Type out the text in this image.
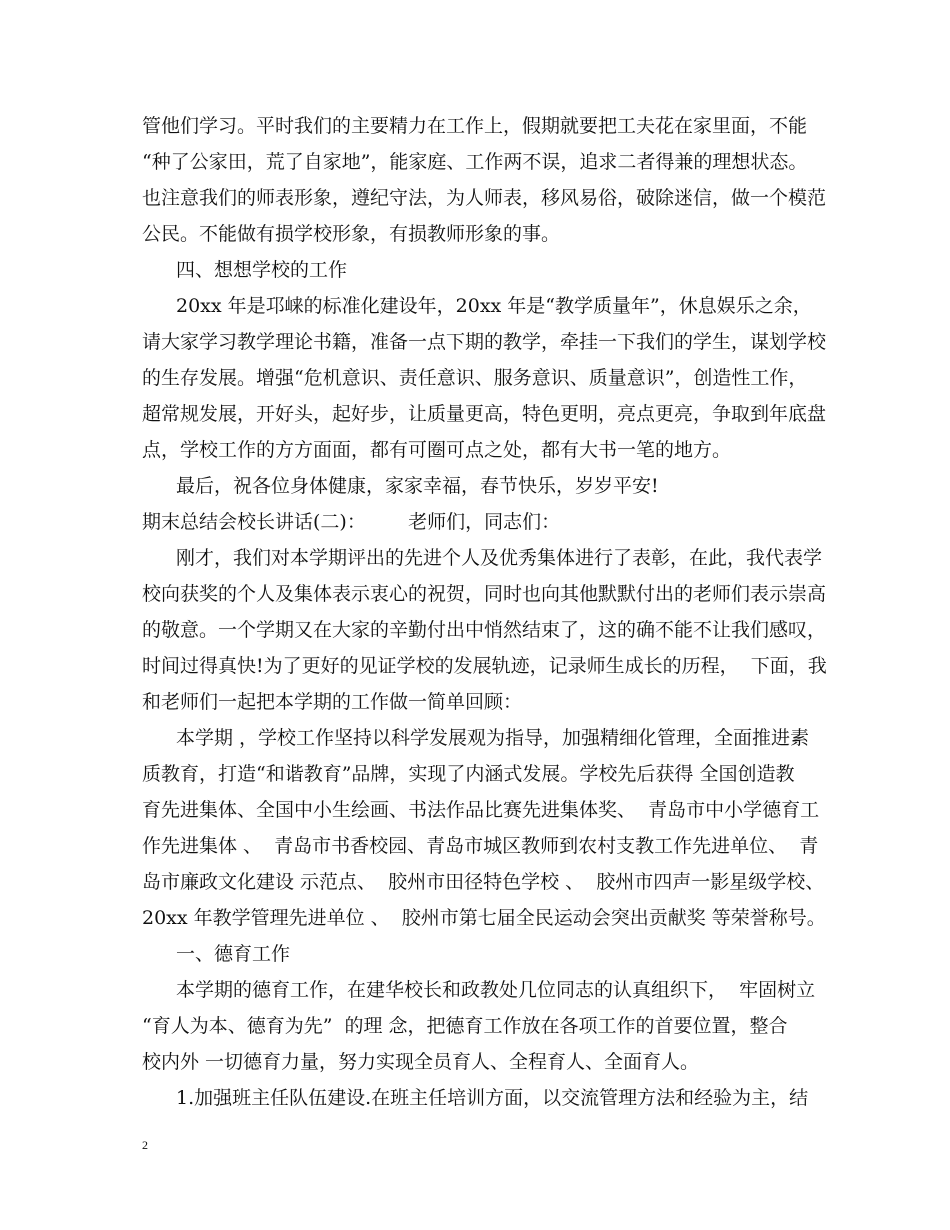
管他们学习。平时我们的主要精力在工作上，假期就要把工夫花在家里面，不能
“种了公家田，荒了自家地”，能家庭、工作两不误，追求二者得兼的理想状态。
也注意我们的师表形象，遵纪守法，为人师表，移风易俗，破除迷信，做一个模范
公民。不能做有损学校形象，有损教师形象的事。
四、想想学校的工作
20xx 年是邛崃的标准化建设年，20xx 年是“教学质量年”，休息娱乐之余，
请大家学习教学理论书籍，准备一点下期的教学，牵挂一下我们的学生，谋划学校
的生存发展。增强“危机意识、责任意识、服务意识、质量意识”，创造性工作，
超常规发展，开好头，起好步，让质量更高，特色更明，亮点更亮，争取到年底盘
点，学校工作的方方面面，都有可圈可点之处，都有大书一笔的地方。
最后，祝各位身体健康，家家幸福，春节快乐，岁岁平安!
期末总结会校长讲话(二)：       老师们，同志们：
刚才，我们对本学期评出的先进个人及优秀集体进行了表彰，在此，我代表学
校向获奖的个人及集体表示衷心的祝贺，同时也向其他默默付出的老师们表示崇高
的敬意。一个学期又在大家的辛勤付出中悄然结束了，这的确不能不让我们感叹，
时间过得真快!为了更好的见证学校的发展轨迹，记录师生成长的历程，  下面，我
和老师们一起把本学期的工作做一简单回顾：
本学期 ，学校工作坚持以科学发展观为指导，加强精细化管理，全面推进素
质教育，打造“和谐教育”品牌，实现了内涵式发展。学校先后获得 全国创造教
育先进集体、全国中小生绘画、书法作品比赛先进集体奖、  青岛市中小学德育工
作先进集体 、  青岛市书香校园、青岛市城区教师到农村支教工作先进单位、  青
岛市廉政文化建设 示范点、  胶州市田径特色学校 、  胶州市四声一影星级学校、
20xx 年教学管理先进单位 、  胶州市第七届全民运动会突出贡献奖 等荣誉称号。
一、德育工作
本学期的德育工作，在建华校长和政教处几位同志的认真组织下，  牢固树立
“育人为本、德育为先”  的理 念，把德育工作放在各项工作的首要位置，整合
校内外 一切德育力量，努力实现全员育人、全程育人、全面育人。
1.加强班主任队伍建设.在班主任培训方面，以交流管理方法和经验为主，结
2
